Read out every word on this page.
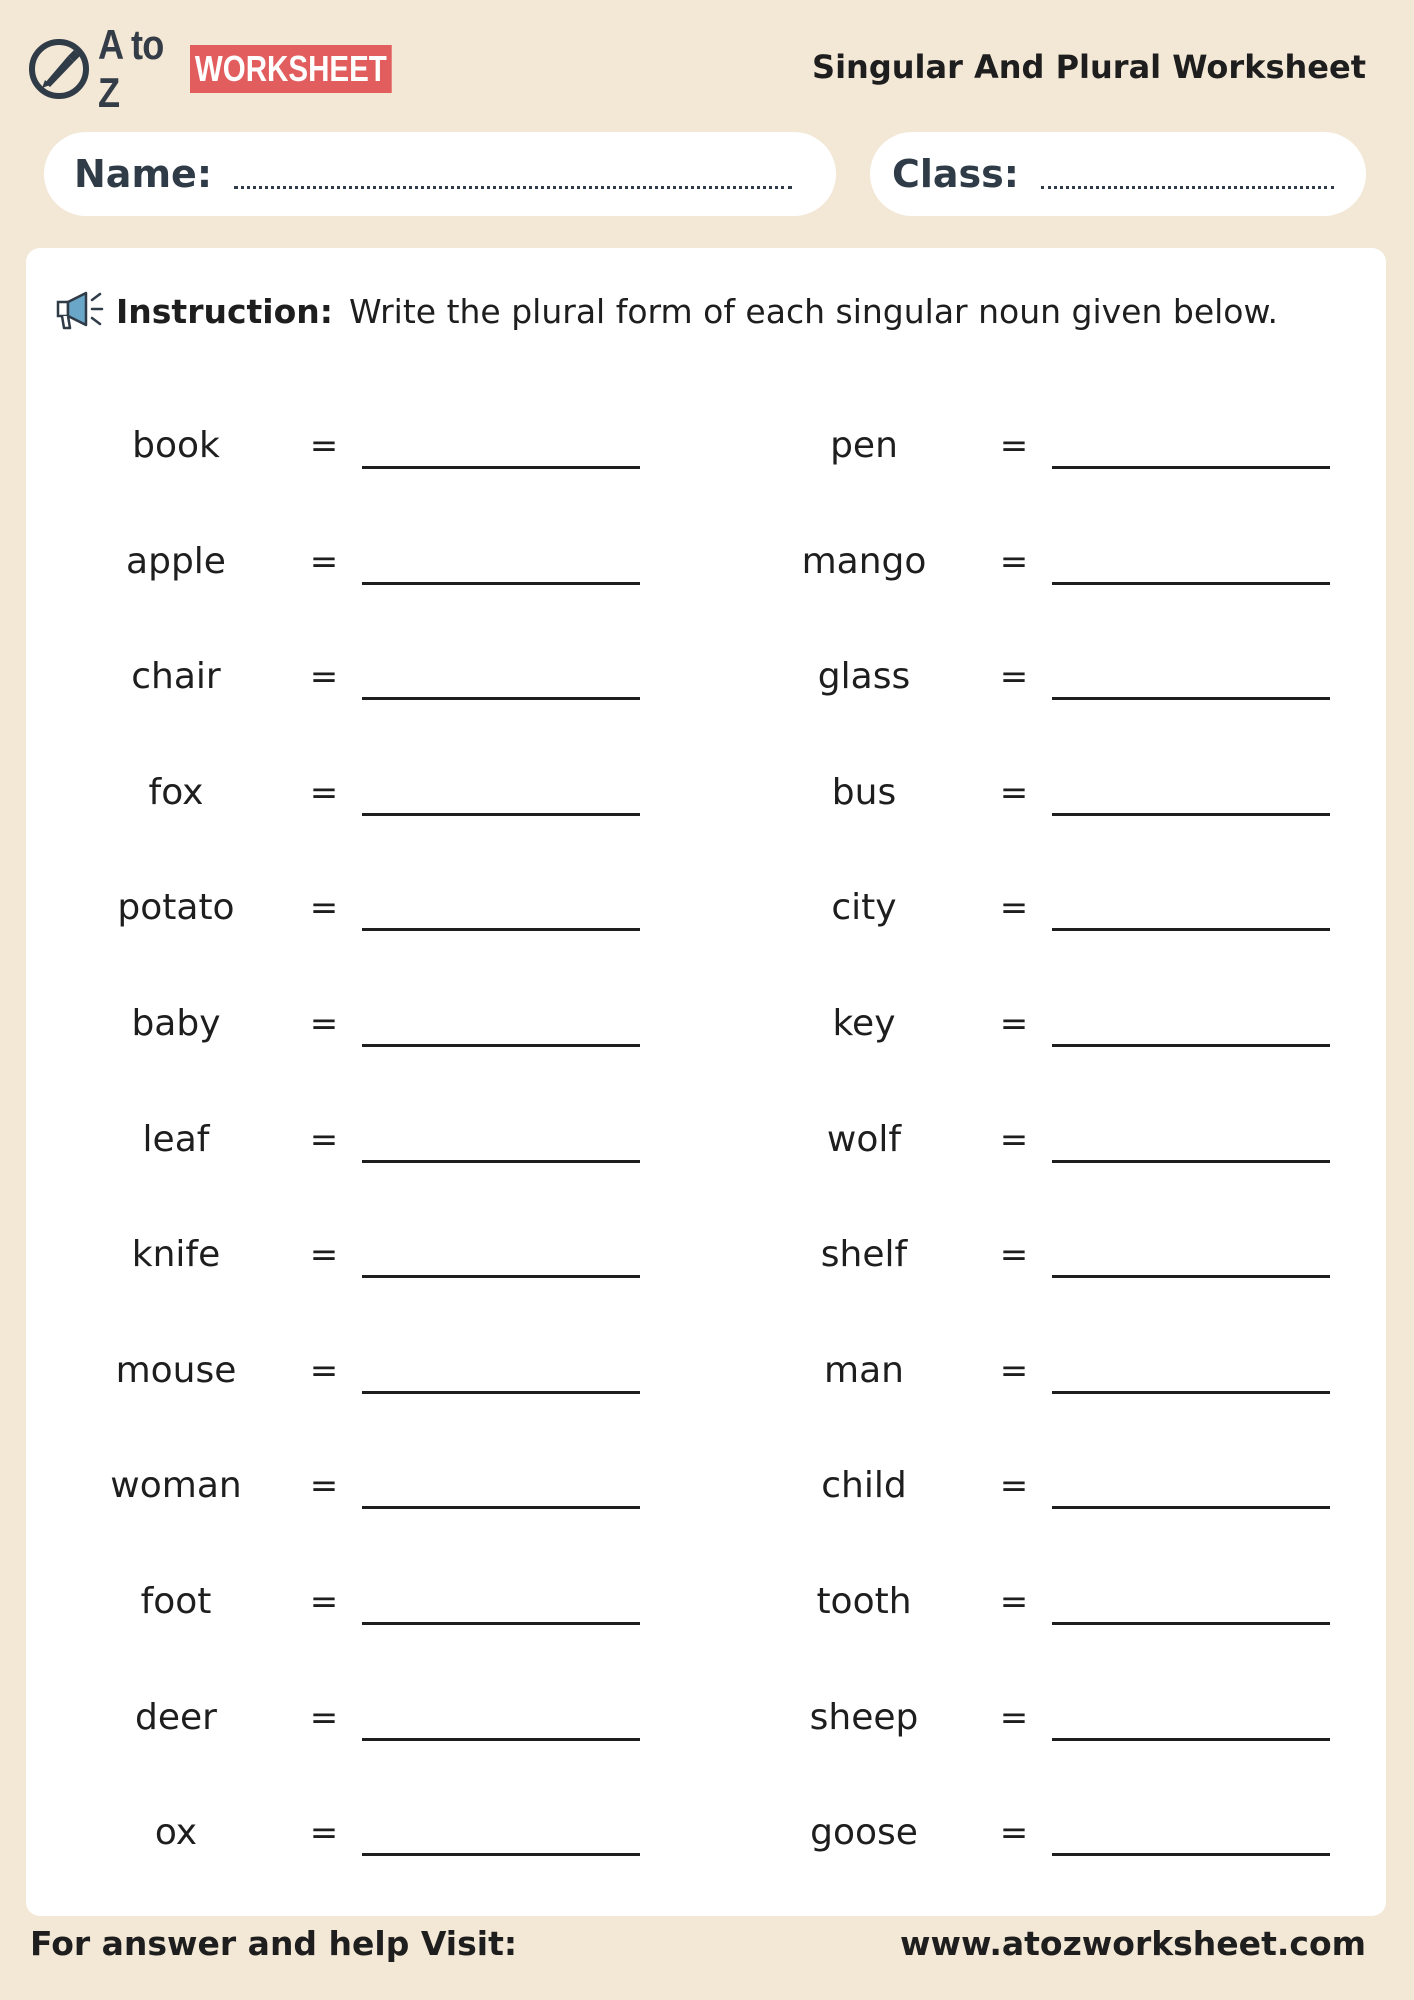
A to Z
WORKSHEET	Singular And Plural Worksheet
Name:	Class:
Instruction: Write the plural form of each singular noun given below.
book	=	pen	=
apple	=	mango	=
chair	=	glass	=
fox	=	bus	=
potato	=	city	=
baby	=	key	=
leaf	=	wolf	=
knife	=	shelf	=
mouse	=	man	=
woman	=	child	=
foot	=	tooth	=
deer	=	sheep	=
ox	=	goose	=
For answer and help Visit:	www.atozworksheet.com
